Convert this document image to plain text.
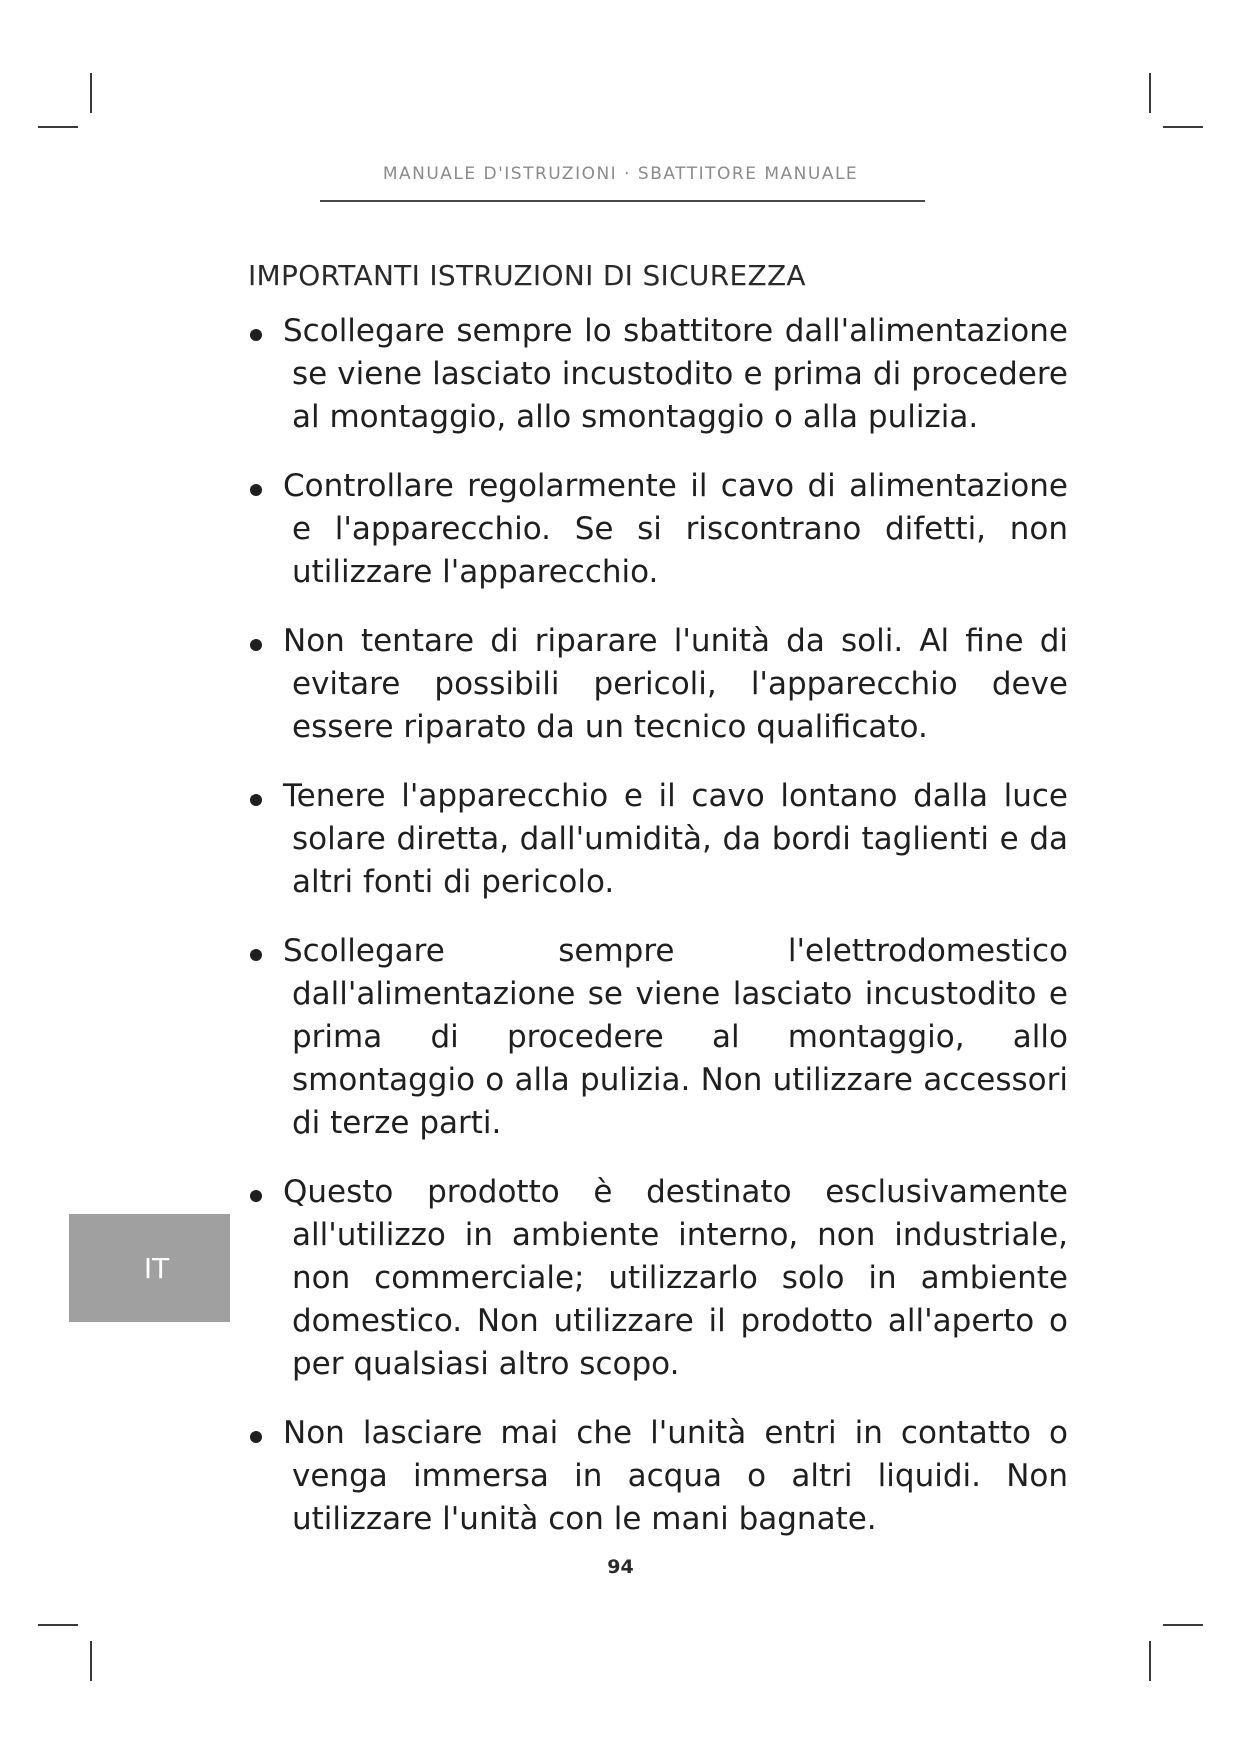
MANUALE D'ISTRUZIONI · SBATTITORE MANUALE
IMPORTANTI ISTRUZIONI DI SICUREZZA
Scollegare sempre lo sbattitore dall'alimentazione se viene lasciato incustodito e prima di procedere al montaggio, allo smontaggio o alla pulizia.
Controllare regolarmente il cavo di alimentazione e l'apparecchio. Se si riscontrano difetti, non utilizzare l'apparecchio.
Non tentare di riparare l'unità da soli. Al fine di evitare possibili pericoli, l'apparecchio deve essere riparato da un tecnico qualificato.
Tenere l'apparecchio e il cavo lontano dalla luce solare diretta, dall'umidità, da bordi taglienti e da altri fonti di pericolo.
Scollegare sempre l'elettrodomestico dall'alimentazione se viene lasciato incustodito e prima di procedere al montaggio, allo smontaggio o alla pulizia. Non utilizzare accessori di terze parti.
Questo prodotto è destinato esclusivamente all'utilizzo in ambiente interno, non industriale, non commerciale; utilizzarlo solo in ambiente domestico. Non utilizzare il prodotto all'aperto o per qualsiasi altro scopo.
Non lasciare mai che l'unità entri in contatto o venga immersa in acqua o altri liquidi. Non utilizzare l'unità con le mani bagnate.
IT
94
